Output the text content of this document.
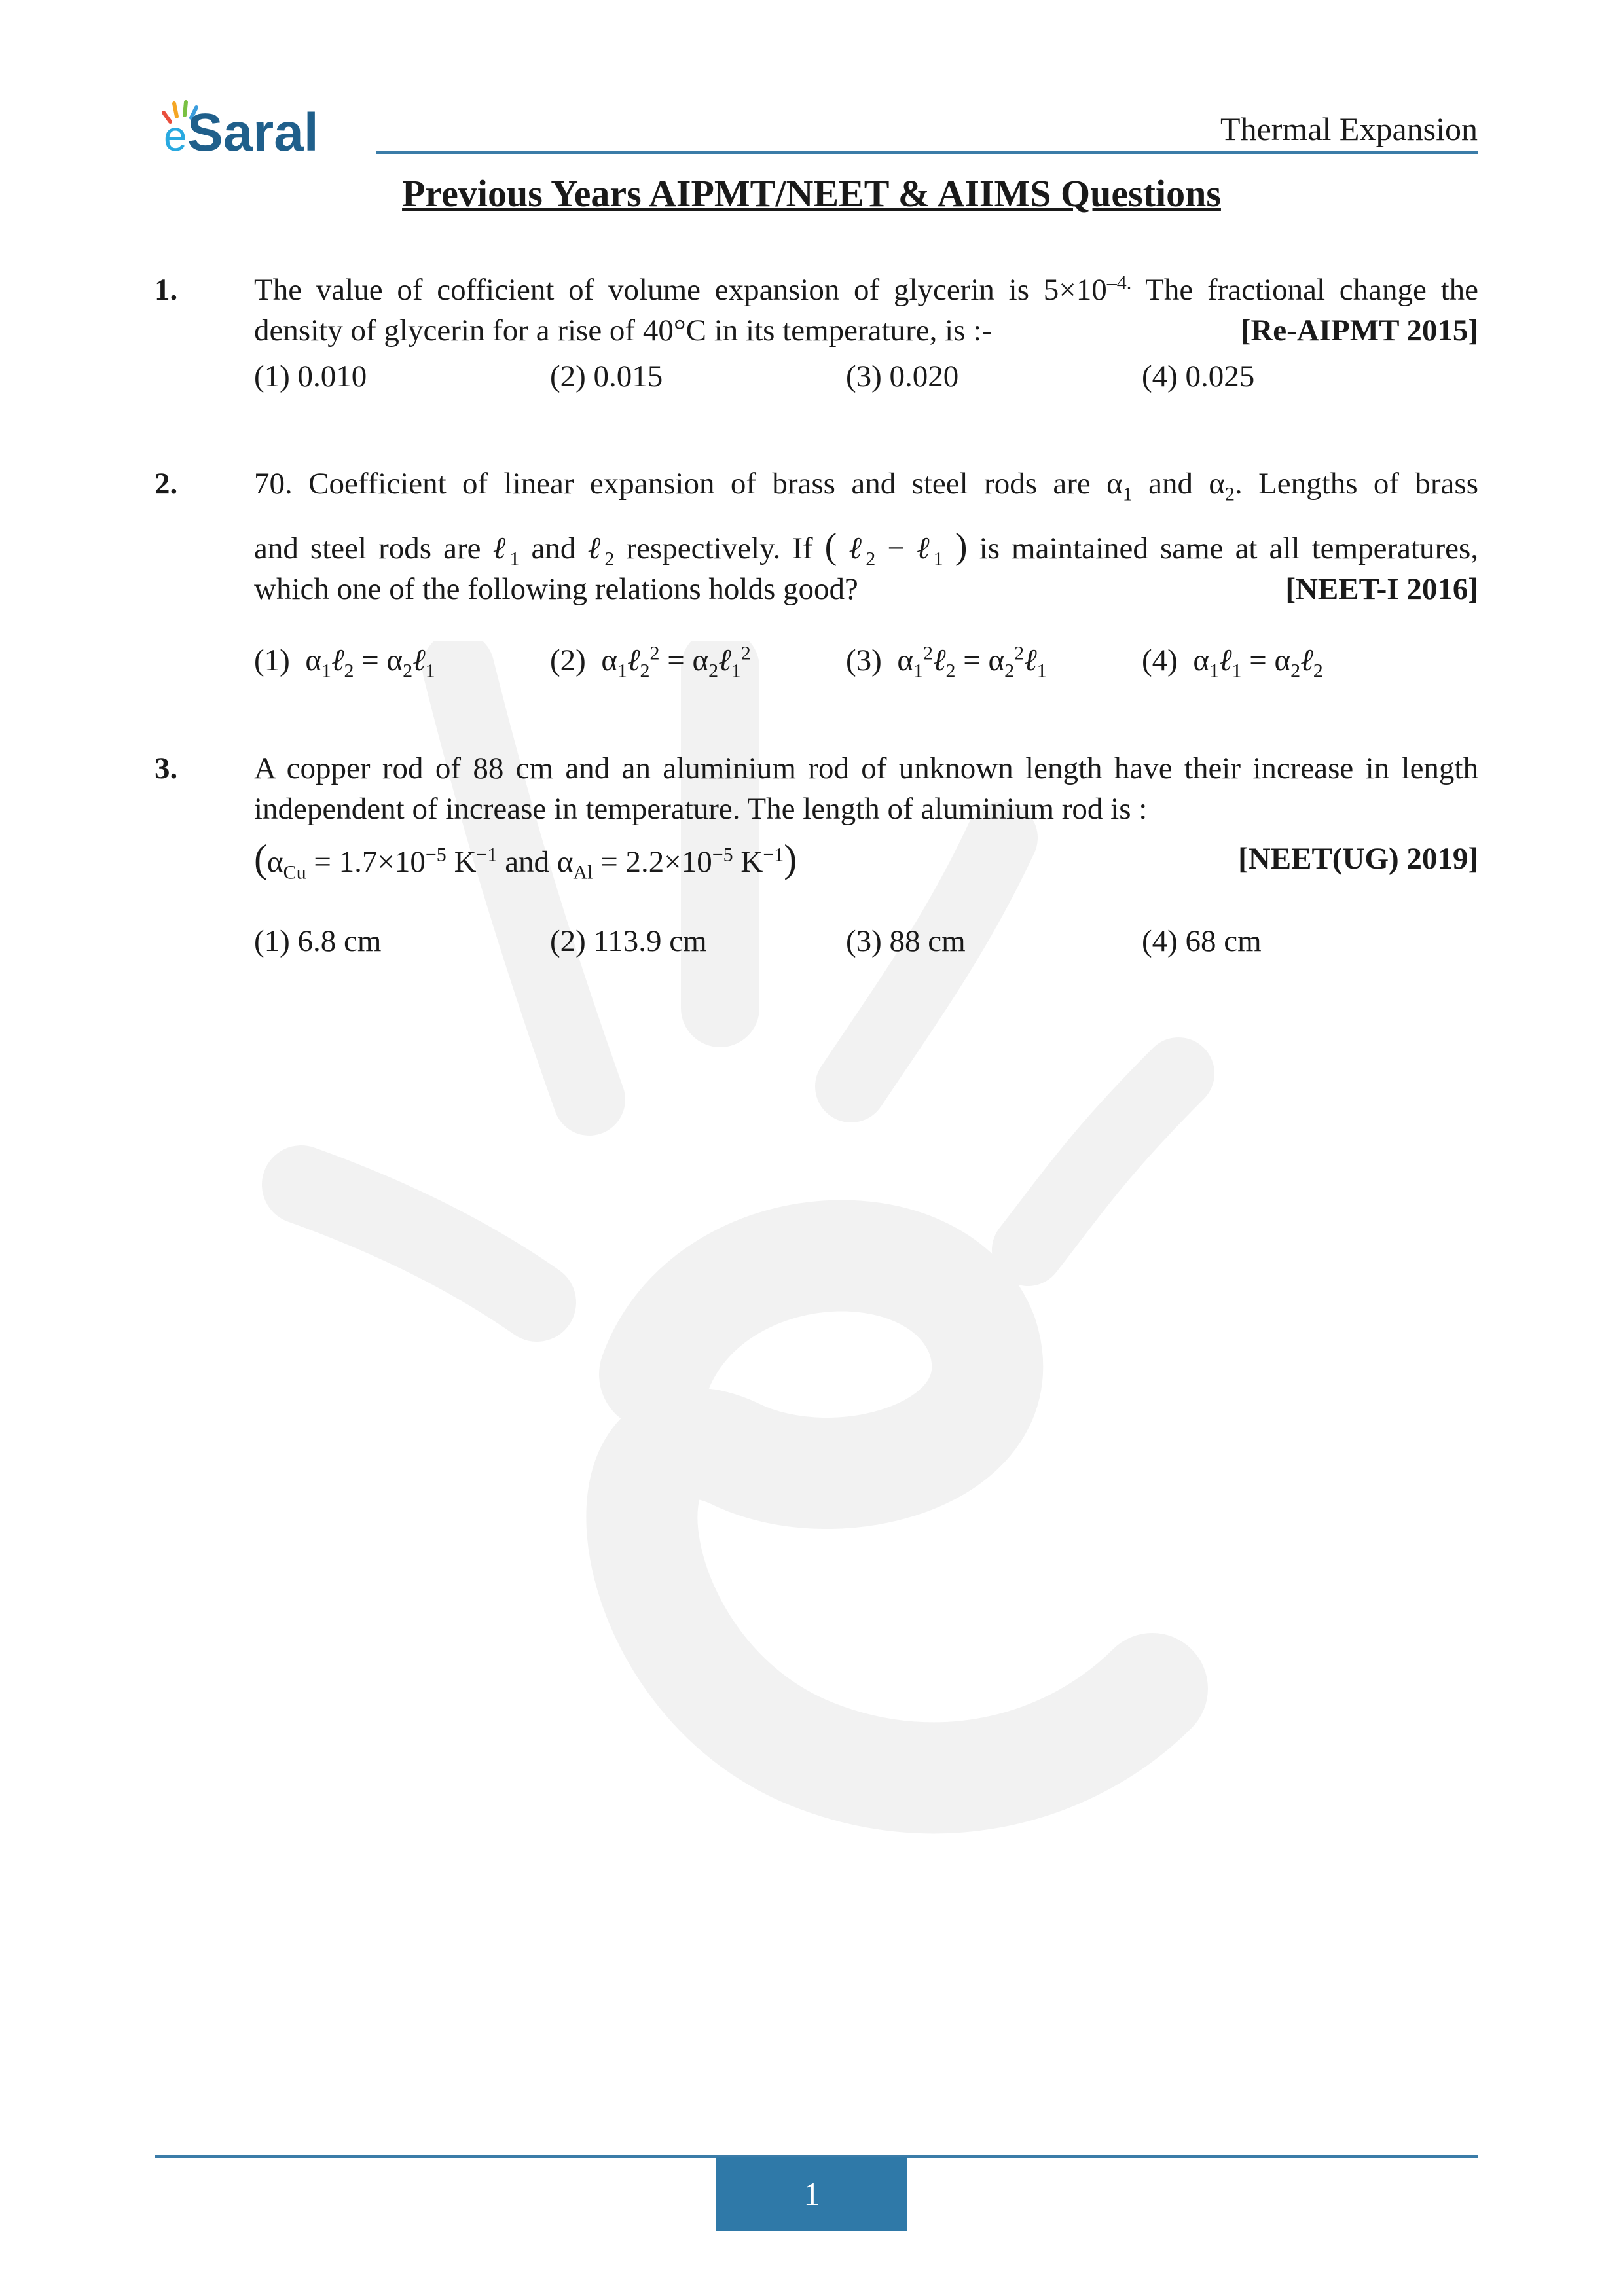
e Saral	Thermal Expansion
Previous Years AIPMT/NEET & AIIMS Questions
1. The value of cofficient of volume expansion of glycerin is $5\times 10^{-4.}$ The fractional change the
density of glycerin for a rise of 40°C in its temperature, is :-	[Re-AIPMT 2015]
(1) 0.010	(2) 0.015	(3) 0.020	(4) 0.025
2. 70. Coefficient of linear expansion of brass and steel rods are $\alpha_1$ and $\alpha_2$. Lengths of brass
and steel rods are ℓ$_1$ and ℓ$_2$ respectively. If ( ℓ$_2$ − ℓ$_1$ ) is maintained same at all temperatures,
which one of the following relations holds good?	[NEET-I 2016]
(1)  $\alpha_1\ell_2$ = $\alpha_2\ell_1$	(2)  $\alpha_1\ell_2^2$ = $\alpha_2\ell_1^2$	(3)  $\alpha_1^2\ell_2$ = $\alpha_2^2\ell_1$	(4)  $\alpha_1\ell_1$ = $\alpha_2\ell_2$
3. A copper rod of 88 cm and an aluminium rod of unknown length have their increase in length
independent of increase in temperature. The length of aluminium rod is :
($\alpha_{Cu} = 1.7\times 10^{-5}$ $K^{-1}$ and $\alpha_{Al} = 2.2\times 10^{-5}$ $K^{-1}$)	[NEET(UG) 2019]
(1) 6.8 cm	(2) 113.9 cm	(3) 88 cm	(4) 68 cm
1
